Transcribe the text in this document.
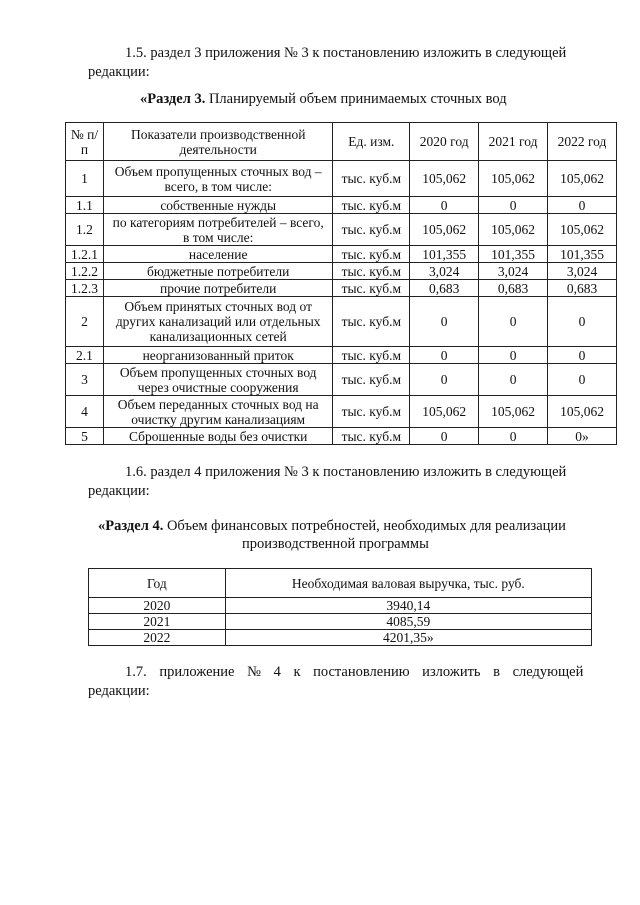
1.5. раздел 3 приложения № 3 к постановлению изложить в следующей

редакции:

«Раздел 3. Планируемый объем принимаемых сточных вод

№ п/п	Показатели производственной деятельности	Ед. изм.	2020 год	2021 год	2022 год
1	Объем пропущенных сточных вод – всего, в том числе:	тыс. куб.м	105,062	105,062	105,062
1.1	собственные нужды	тыс. куб.м	0	0	0
1.2	по категориям потребителей – всего, в том числе:	тыс. куб.м	105,062	105,062	105,062
1.2.1	население	тыс. куб.м	101,355	101,355	101,355
1.2.2	бюджетные потребители	тыс. куб.м	3,024	3,024	3,024
1.2.3	прочие потребители	тыс. куб.м	0,683	0,683	0,683
2	Объем принятых сточных вод от других канализаций или отдельных канализационных сетей	тыс. куб.м	0	0	0
2.1	неорганизованный приток	тыс. куб.м	0	0	0
3	Объем пропущенных сточных вод через очистные сооружения	тыс. куб.м	0	0	0
4	Объем переданных сточных вод на очистку другим канализациям	тыс. куб.м	105,062	105,062	105,062
5	Сброшенные воды без очистки	тыс. куб.м	0	0	0»

1.6. раздел 4 приложения № 3 к постановлению изложить в следующей

редакции:

«Раздел 4. Объем финансовых потребностей, необходимых для реализации

производственной программы

Год	Необходимая валовая выручка, тыс. руб.
2020	3940,14
2021	4085,59
2022	4201,35»

1.7. приложение № 4 к постановлению изложить в следующей

редакции:
